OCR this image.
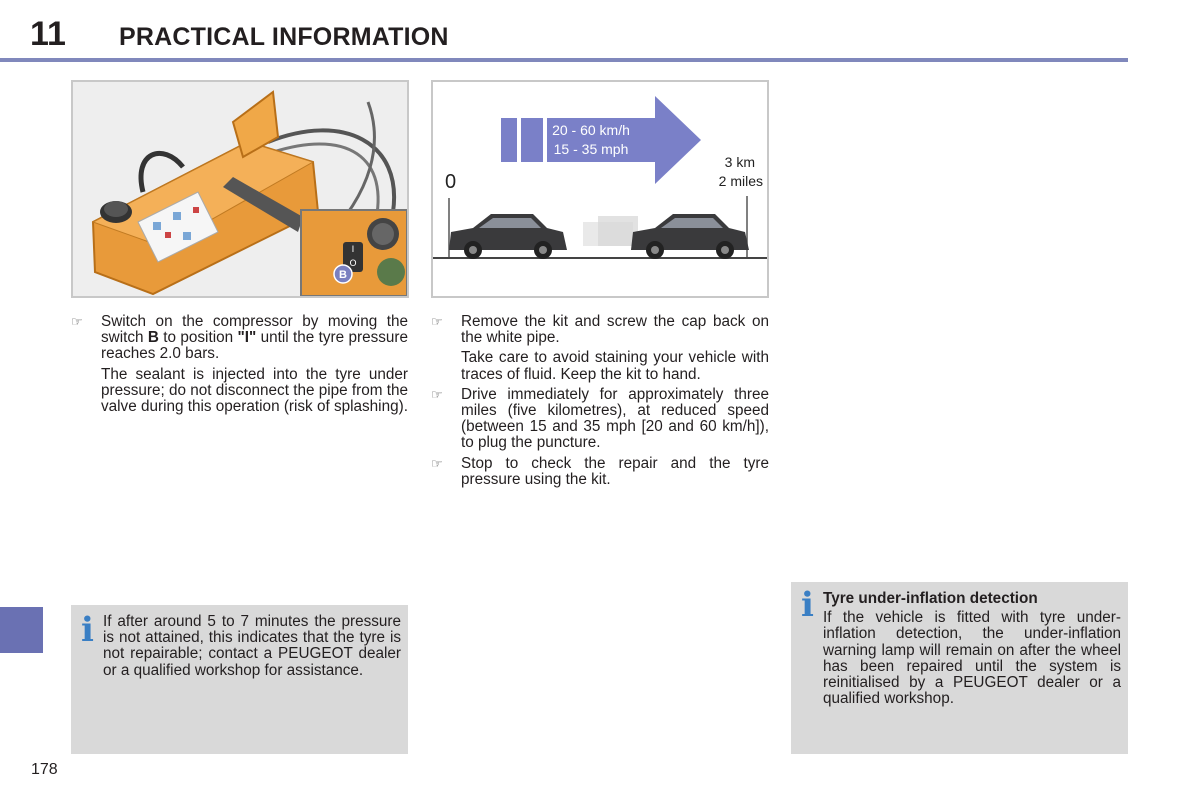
11 PRACTICAL INFORMATION
178
I
O
B
20 - 60 km/h
15 - 35 mph
0
3 km
2 miles
☞ Switch on the compressor by moving the switch B to position "I" until the tyre pressure reaches 2.0 bars.
The sealant is injected into the tyre under pressure; do not disconnect the pipe from the valve during this operation (risk of splashing).
☞ Remove the kit and screw the cap back on the white pipe.
Take care to avoid staining your vehicle with traces of fluid. Keep the kit to hand.
☞ Drive immediately for approximately three miles (five kilometres), at reduced speed (between 15 and 35 mph [20 and 60 km/h]), to plug the puncture.
☞ Stop to check the repair and the tyre pressure using the kit.
i If after around 5 to 7 minutes the pressure is not attained, this indicates that the tyre is not repairable; contact a PEUGEOT dealer or a qualified workshop for assistance.
i Tyre under-inflation detection
If the vehicle is fitted with tyre under-inflation detection, the under-inflation warning lamp will remain on after the wheel has been repaired until the system is reinitialised by a PEUGEOT dealer or a qualified workshop.
